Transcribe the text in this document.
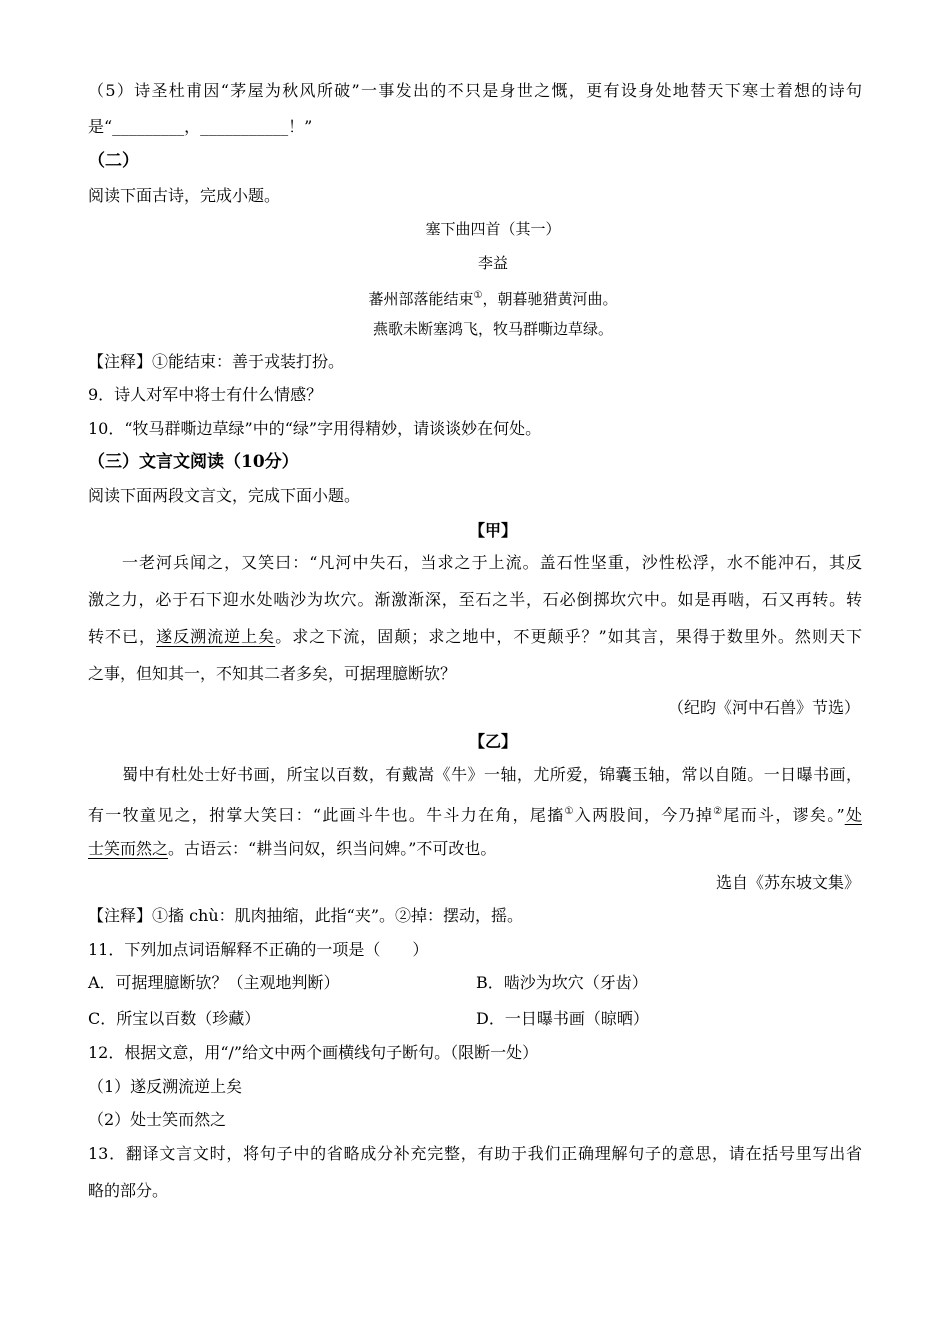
（5）诗圣杜甫因“茅屋为秋风所破”一事发出的不只是身世之慨，更有设身处地替天下寒士着想的诗句
是“_________，___________！”
（二）
阅读下面古诗，完成小题。
塞下曲四首（其一）
李益
蕃州部落能结束①，朝暮驰猎黄河曲。
燕歌未断塞鸿飞，牧马群嘶边草绿。
【注释】①能结束：善于戎装打扮。
9．诗人对军中将士有什么情感？
10．“牧马群嘶边草绿”中的“绿”字用得精妙，请谈谈妙在何处。
（三）文言文阅读（10分）
阅读下面两段文言文，完成下面小题。
【甲】
一老河兵闻之，又笑曰：“凡河中失石，当求之于上流。盖石性坚重，沙性松浮，水不能冲石，其反
激之力，必于石下迎水处啮沙为坎穴。渐激渐深，至石之半，石必倒掷坎穴中。如是再啮，石又再转。转
转不已，遂反溯流逆上矣。求之下流，固颠；求之地中，不更颠乎？”如其言，果得于数里外。然则天下
之事，但知其一，不知其二者多矣，可据理臆断欤？
（纪昀《河中石兽》节选）
【乙】
蜀中有杜处士好书画，所宝以百数，有戴嵩《牛》一轴，尤所爱，锦囊玉轴，常以自随。一日曝书画，
有一牧童见之，拊掌大笑曰：“此画斗牛也。牛斗力在角，尾搐①入两股间，今乃掉②尾而斗，谬矣。”处
士笑而然之。古语云：“耕当问奴，织当问婢。”不可改也。
选自《苏东坡文集》
【注释】①搐 chù：肌肉抽缩，此指“夹”。②掉：摆动，摇。
11．下列加点词语解释不正确的一项是（　　）
A．可据理臆断欤？（主观地判断）	B．啮沙为坎穴（牙齿）
C．所宝以百数（珍藏）	D．一日曝书画（晾晒）
12．根据文意，用“/”给文中两个画横线句子断句。（限断一处）
（1）遂反溯流逆上矣
（2）处士笑而然之
13．翻译文言文时，将句子中的省略成分补充完整，有助于我们正确理解句子的意思，请在括号里写出省
略的部分。
